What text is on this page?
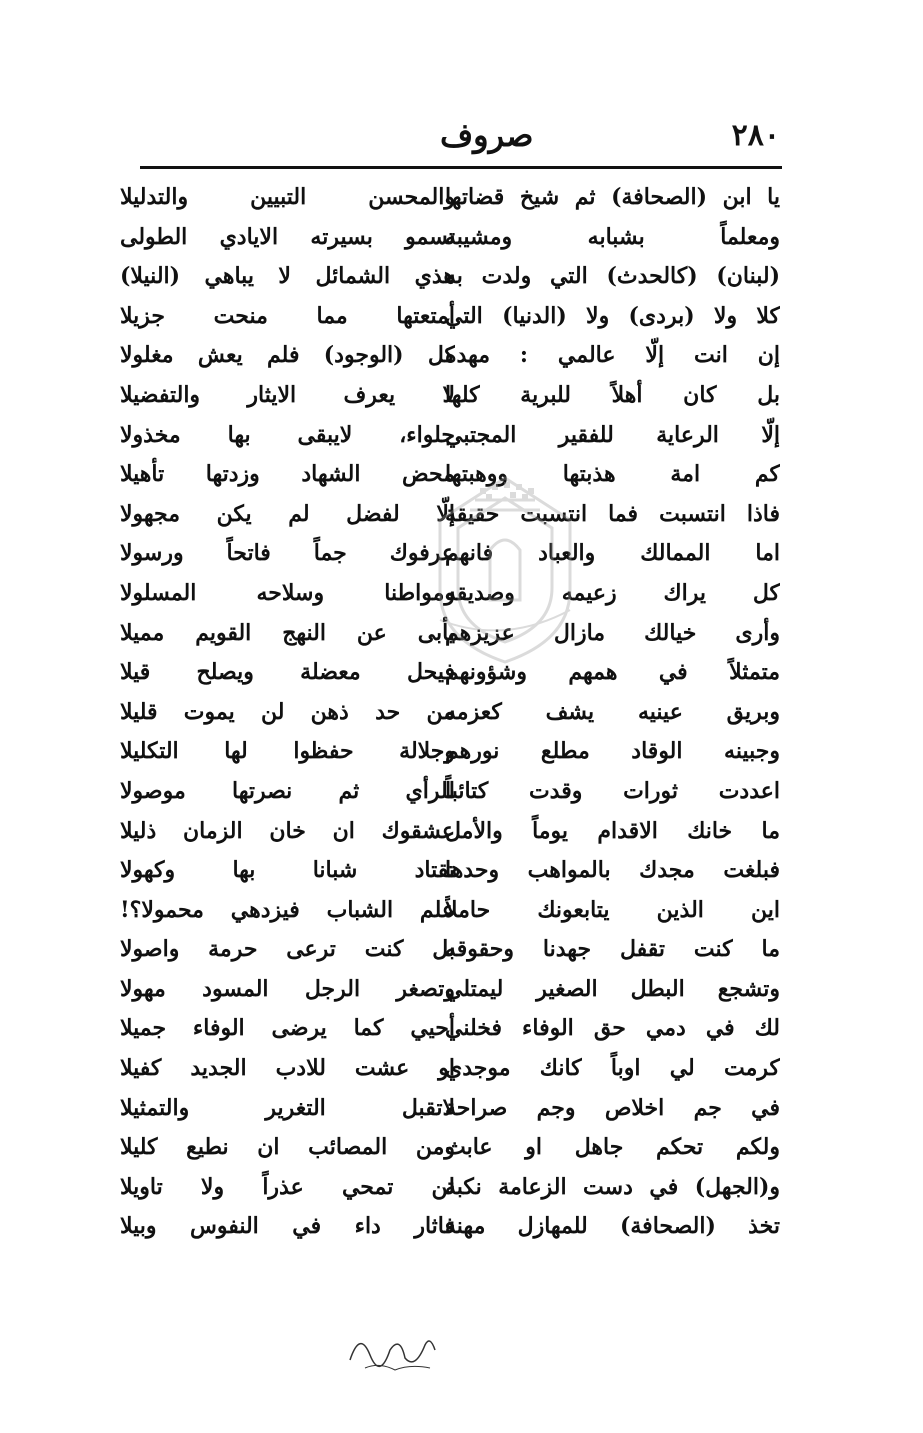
صروف	٢٨٠
يا ابن (الصحافة) ثم شيخ قضاتها
ومعلماً بشبابه ومشيبه
(لبنان) (كالحدث) التي ولدت به
كلا ولا (بردى) ولا (الدنيا) التي
إن انت إلّا عالمي : مهده
بل كان أهلاً للبرية كلها
إلّا الرعاية للفقير المجتبي
كم امة هذبتها ووهبتها
فاذا انتسبت فما انتسبت حقيقة
اما الممالك والعباد فانهم
كل يراك زعيمه وصديقه
وأرى خيالك مازال عزيزهم
متمثلاً في همهم وشؤونهم
وبريق عينيه يشف كعزمه
وجبينه الوقاد مطلع نورهم
اعددت ثورات وقدت كتائباً
ما خانك الاقدام يوماً والأمل
فبلغت مجدك بالمواهب وحدها
اين الذين يتابعونك حاملاً
ما كنت تقفل جهدنا وحقوقه
وتشجع البطل الصغير ليمتلي
لك في دمي حق الوفاء فخلني
كرمت لي اوباً كانك موجدي
في جم اخلاص وجم صراحة
ولكم تحكم جاهل او عابث
و(الجهل) في دست الزعامة نكبة
تخذ (الصحافة) للمهازل مهنة
والمحسن التبيين والتدليلا
تسمو بسيرته الايادي الطولى
هذي الشمائل لا يباهي (النيلا)
أمتعتها مما منحت جزيلا
كل (الوجود) فلم يعش مغلولا
لا يعرف الايثار والتفضيلا
جلواء، لايبقى بها مخذولا
محض الشهاد وزدتها تأهيلا
إلّا لفضل لم يكن مجهولا
عرفوك جماً فاتحاً ورسولا
ومواطنا وسلاحه المسلولا
يأبى عن النهج القويم مميلا
فيحل معضلة ويصلح قيلا
من حد ذهن لن يموت قليلا
وجلالة حفظوا لها التكليلا
للرأي ثم نصرتها موصولا
عشقوك ان خان الزمان ذليلا
تقتاد شبانا بها وكهولا
علم الشباب فيزدهي محمولا؟!
بل كنت ترعى حرمة واصولا
وتصغر الرجل المسود مهولا
أحيي كما يرضى الوفاء جميلا
او عشت للادب الجديد كفيلا
لاتقبل التغرير والتمثيلا
ومن المصائب ان نطيع كليلا
لن تمحي عذراً ولا تاويلا
فاثار داء في النفوس وبيلا
